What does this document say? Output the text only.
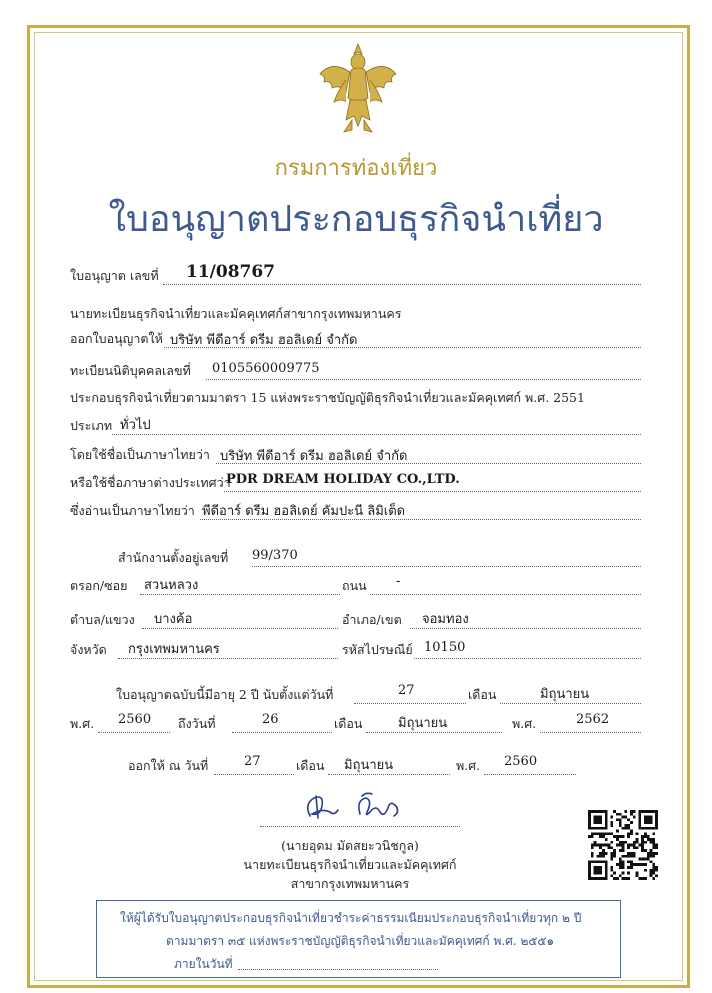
กรมการท่องเที่ยว
ใบอนุญาตประกอบธุรกิจนำเที่ยว
ใบอนุญาต เลขที่ 11/08767
นายทะเบียนธุรกิจนำเที่ยวและมัคคุเทศก์สาขากรุงเทพมหานคร
ออกใบอนุญาตให้ บริษัท พีดีอาร์ ดรีม ฮอลิเดย์ จำกัด
ทะเบียนนิติบุคคลเลขที่ 0105560009775
ประกอบธุรกิจนำเที่ยวตามมาตรา 15 แห่งพระราชบัญญัติธุรกิจนำเที่ยวและมัคคุเทศก์ พ.ศ. 2551
ประเภท ทั่วไป
โดยใช้ชื่อเป็นภาษาไทยว่า บริษัท พีดีอาร์ ดรีม ฮอลิเดย์ จำกัด
หรือใช้ชื่อภาษาต่างประเทศว่า
PDR DREAM HOLIDAY CO.,LTD.
ซึ่งอ่านเป็นภาษาไทยว่า พีดีอาร์ ดรีม ฮอลิเดย์ คัมปะนี ลิมิเต็ด
สำนักงานตั้งอยู่เลขที่ 99/370
ตรอก/ซอย สวนหลวง	ถนน -
ตำบล/แขวง บางค้อ	อำเภอ/เขต จอมทอง
จังหวัด กรุงเทพมหานคร	รหัสไปรษณีย์ 10150
ใบอนุญาตฉบับนี้มีอายุ 2 ปี นับตั้งแต่วันที่	27	เดือน	มิถุนายน
พ.ศ. 2560 ถึงวันที่	26	เดือน	มิถุนายน	พ.ศ.	2562
ออกให้ ณ วันที่	27	เดือน มิถุนายน	พ.ศ. 2560
(นายอุดม มัดสยะวนิชกูล)
นายทะเบียนธุรกิจนำเที่ยวและมัคคุเทศก์
สาขากรุงเทพมหานคร
ให้ผู้ได้รับใบอนุญาตประกอบธุรกิจนำเที่ยวชำระค่าธรรมเนียมประกอบธุรกิจนำเที่ยวทุก ๒ ปี
ตามมาตรา ๓๕ แห่งพระราชบัญญัติธุรกิจนำเที่ยวและมัคคุเทศก์ พ.ศ. ๒๕๕๑
ภายในวันที่
